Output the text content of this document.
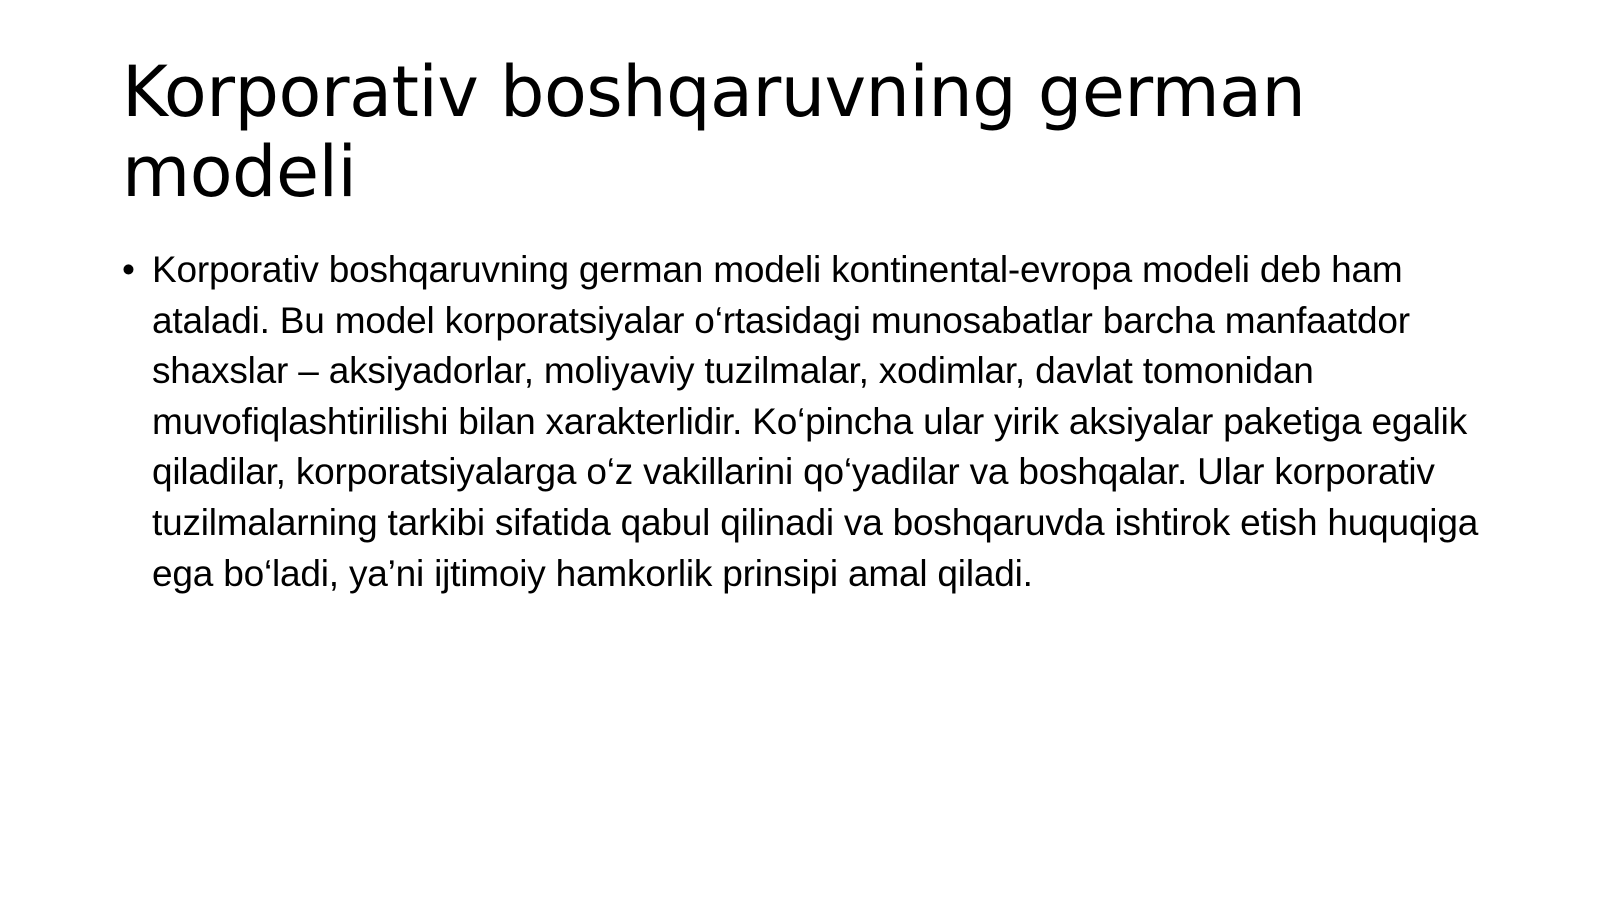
Korporativ boshqaruvning german modeli
• Korporativ boshqaruvning german modeli kontinental-evropa modeli deb ham ataladi. Bu model korporatsiyalar o‘rtasidagi munosabatlar barcha manfaatdor shaxslar – aksiyadorlar, moliyaviy tuzilmalar, xodimlar, davlat tomonidan muvofiqlashtirilishi bilan xarakterlidir. Ko‘pincha ular yirik aksiyalar paketiga egalik qiladilar, korporatsiyalarga o‘z vakillarini qo‘yadilar va boshqalar. Ular korporativ tuzilmalarning tarkibi sifatida qabul qilinadi va boshqaruvda ishtirok etish huquqiga ega bo‘ladi, ya’ni ijtimoiy hamkorlik prinsipi amal qiladi.
